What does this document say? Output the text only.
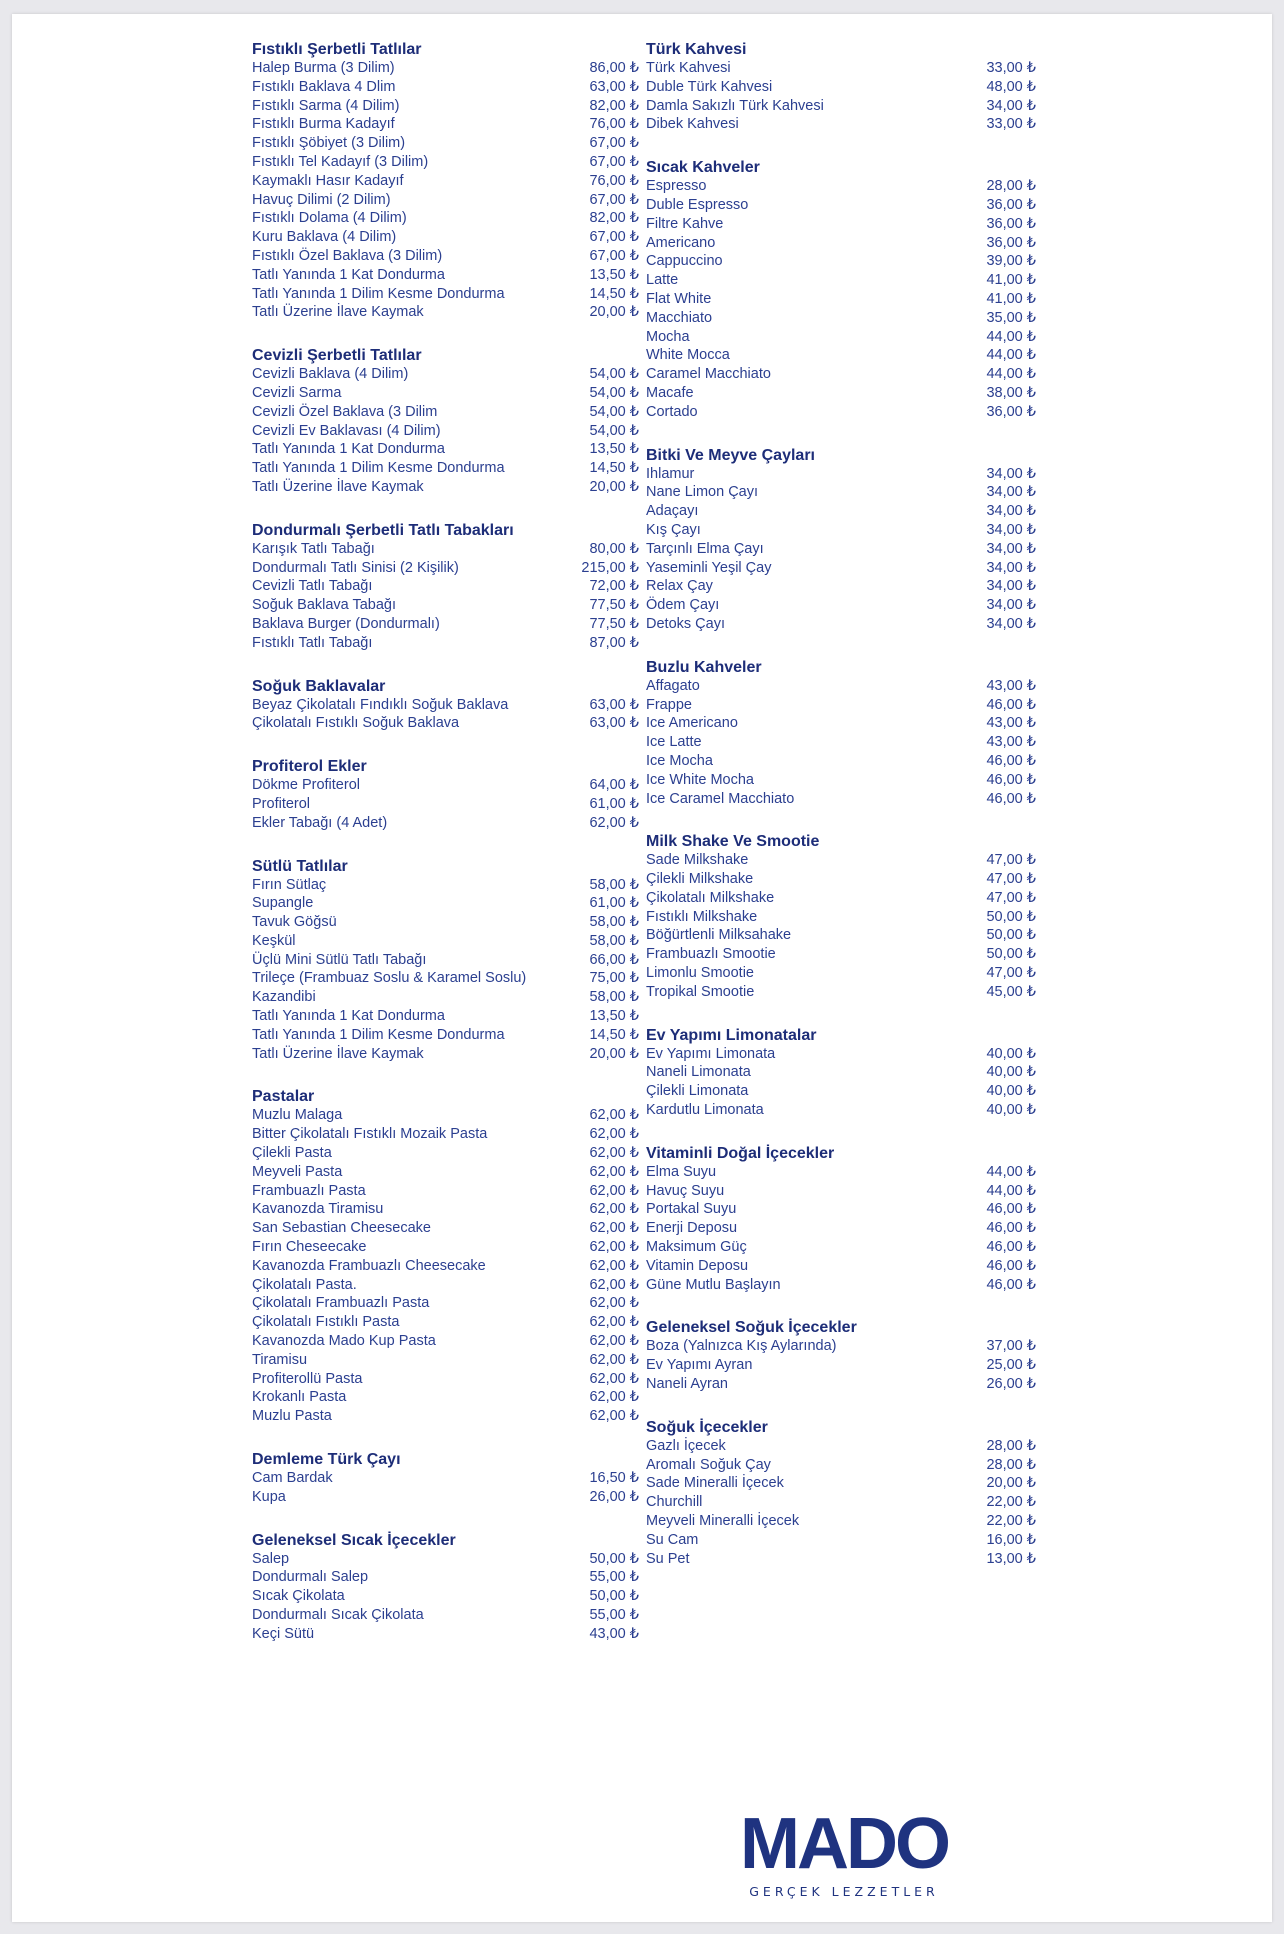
Fıstıklı Şerbetli Tatlılar
Halep Burma (3 Dilim)	86,00 ₺
Fıstıklı Baklava 4 Dlim	63,00 ₺
Fıstıklı Sarma (4 Dilim)	82,00 ₺
Fıstıklı Burma Kadayıf	76,00 ₺
Fıstıklı Şöbiyet (3 Dilim)	67,00 ₺
Fıstıklı Tel Kadayıf (3 Dilim)	67,00 ₺
Kaymaklı Hasır Kadayıf	76,00 ₺
Havuç Dilimi (2 Dilim)	67,00 ₺
Fıstıklı Dolama (4 Dilim)	82,00 ₺
Kuru Baklava (4 Dilim)	67,00 ₺
Fıstıklı Özel Baklava (3 Dilim)	67,00 ₺
Tatlı Yanında 1 Kat Dondurma	13,50 ₺
Tatlı Yanında 1 Dilim Kesme Dondurma	14,50 ₺
Tatlı Üzerine İlave Kaymak	20,00 ₺
Cevizli Şerbetli Tatlılar
Cevizli Baklava (4 Dilim)	54,00 ₺
Cevizli Sarma	54,00 ₺
Cevizli Özel Baklava (3 Dilim	54,00 ₺
Cevizli Ev Baklavası (4 Dilim)	54,00 ₺
Tatlı Yanında 1 Kat Dondurma	13,50 ₺
Tatlı Yanında 1 Dilim Kesme Dondurma	14,50 ₺
Tatlı Üzerine İlave Kaymak	20,00 ₺
Dondurmalı Şerbetli Tatlı Tabakları
Karışık Tatlı Tabağı	80,00 ₺
Dondurmalı Tatlı Sinisi (2 Kişilik)	215,00 ₺
Cevizli Tatlı Tabağı	72,00 ₺
Soğuk Baklava Tabağı	77,50 ₺
Baklava Burger (Dondurmalı)	77,50 ₺
Fıstıklı Tatlı Tabağı	87,00 ₺
Soğuk Baklavalar
Beyaz Çikolatalı Fındıklı Soğuk Baklava	63,00 ₺
Çikolatalı Fıstıklı Soğuk Baklava	63,00 ₺
Profiterol Ekler
Dökme Profiterol	64,00 ₺
Profiterol	61,00 ₺
Ekler Tabağı (4 Adet)	62,00 ₺
Sütlü Tatlılar
Fırın Sütlaç	58,00 ₺
Supangle	61,00 ₺
Tavuk Göğsü	58,00 ₺
Keşkül	58,00 ₺
Üçlü Mini Sütlü Tatlı Tabağı	66,00 ₺
Trileçe (Frambuaz Soslu & Karamel Soslu)	75,00 ₺
Kazandibi	58,00 ₺
Tatlı Yanında 1 Kat Dondurma	13,50 ₺
Tatlı Yanında 1 Dilim Kesme Dondurma	14,50 ₺
Tatlı Üzerine İlave Kaymak	20,00 ₺
Pastalar
Muzlu Malaga	62,00 ₺
Bitter Çikolatalı Fıstıklı Mozaik Pasta	62,00 ₺
Çilekli Pasta	62,00 ₺
Meyveli Pasta	62,00 ₺
Frambuazlı Pasta	62,00 ₺
Kavanozda Tiramisu	62,00 ₺
San Sebastian Cheesecake	62,00 ₺
Fırın Cheseecake	62,00 ₺
Kavanozda Frambuazlı Cheesecake	62,00 ₺
Çikolatalı Pasta.	62,00 ₺
Çikolatalı Frambuazlı Pasta	62,00 ₺
Çikolatalı Fıstıklı Pasta	62,00 ₺
Kavanozda Mado Kup Pasta	62,00 ₺
Tiramisu	62,00 ₺
Profiterollü Pasta	62,00 ₺
Krokanlı Pasta	62,00 ₺
Muzlu Pasta	62,00 ₺
Demleme Türk Çayı
Cam Bardak	16,50 ₺
Kupa	26,00 ₺
Geleneksel Sıcak İçecekler
Salep	50,00 ₺
Dondurmalı Salep	55,00 ₺
Sıcak Çikolata	50,00 ₺
Dondurmalı Sıcak Çikolata	55,00 ₺
Keçi Sütü	43,00 ₺
Türk Kahvesi
Türk Kahvesi	33,00 ₺
Duble Türk Kahvesi	48,00 ₺
Damla Sakızlı Türk Kahvesi	34,00 ₺
Dibek Kahvesi	33,00 ₺
Sıcak Kahveler
Espresso	28,00 ₺
Duble Espresso	36,00 ₺
Filtre Kahve	36,00 ₺
Americano	36,00 ₺
Cappuccino	39,00 ₺
Latte	41,00 ₺
Flat White	41,00 ₺
Macchiato	35,00 ₺
Mocha	44,00 ₺
White Mocca	44,00 ₺
Caramel Macchiato	44,00 ₺
Macafe	38,00 ₺
Cortado	36,00 ₺
Bitki Ve Meyve Çayları
Ihlamur	34,00 ₺
Nane Limon Çayı	34,00 ₺
Adaçayı	34,00 ₺
Kış Çayı	34,00 ₺
Tarçınlı Elma Çayı	34,00 ₺
Yaseminli Yeşil Çay	34,00 ₺
Relax Çay	34,00 ₺
Ödem Çayı	34,00 ₺
Detoks Çayı	34,00 ₺
Buzlu Kahveler
Affagato	43,00 ₺
Frappe	46,00 ₺
Ice Americano	43,00 ₺
Ice Latte	43,00 ₺
Ice Mocha	46,00 ₺
Ice White Mocha	46,00 ₺
Ice Caramel Macchiato	46,00 ₺
Milk Shake Ve Smootie
Sade Milkshake	47,00 ₺
Çilekli Milkshake	47,00 ₺
Çikolatalı Milkshake	47,00 ₺
Fıstıklı Milkshake	50,00 ₺
Böğürtlenli Milksahake	50,00 ₺
Frambuazlı Smootie	50,00 ₺
Limonlu Smootie	47,00 ₺
Tropikal Smootie	45,00 ₺
Ev Yapımı Limonatalar
Ev Yapımı Limonata	40,00 ₺
Naneli Limonata	40,00 ₺
Çilekli Limonata	40,00 ₺
Kardutlu Limonata	40,00 ₺
Vitaminli Doğal İçecekler
Elma Suyu	44,00 ₺
Havuç Suyu	44,00 ₺
Portakal Suyu	46,00 ₺
Enerji Deposu	46,00 ₺
Maksimum Güç	46,00 ₺
Vitamin Deposu	46,00 ₺
Güne Mutlu Başlayın	46,00 ₺
Geleneksel Soğuk İçecekler
Boza (Yalnızca Kış Aylarında)	37,00 ₺
Ev Yapımı Ayran	25,00 ₺
Naneli Ayran	26,00 ₺
Soğuk İçecekler
Gazlı İçecek	28,00 ₺
Aromalı Soğuk Çay	28,00 ₺
Sade Mineralli İçecek	20,00 ₺
Churchill	22,00 ₺
Meyveli Mineralli İçecek	22,00 ₺
Su Cam	16,00 ₺
Su Pet	13,00 ₺
MADO
GERÇEK LEZZETLER
